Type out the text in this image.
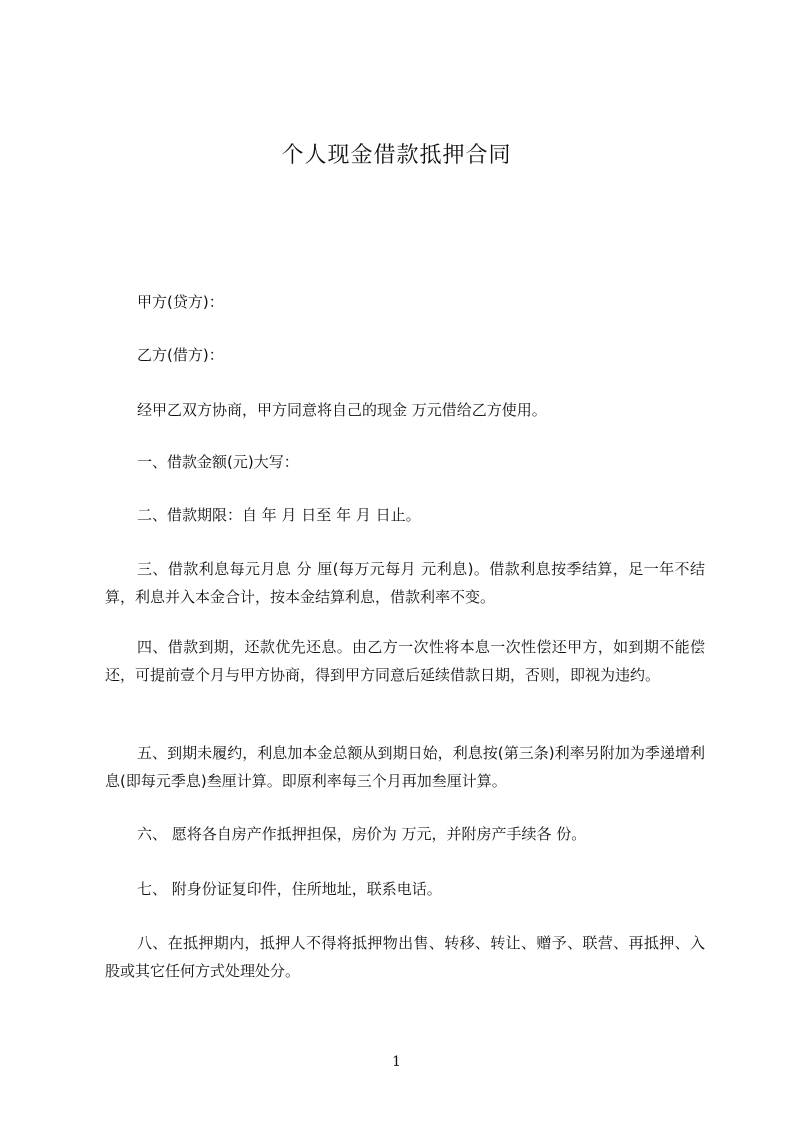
个人现金借款抵押合同
甲方(贷方)：
乙方(借方)：
经甲乙双方协商，甲方同意将自己的现金 万元借给乙方使用。
一、借款金额(元)大写：
二、借款期限：自 年 月 日至 年 月 日止。
三、借款利息每元月息 分 厘(每万元每月 元利息)。借款利息按季结算，足一年不结算，利息并入本金合计，按本金结算利息，借款利率不变。
四、借款到期，还款优先还息。由乙方一次性将本息一次性偿还甲方，如到期不能偿还，可提前壹个月与甲方协商，得到甲方同意后延续借款日期，否则，即视为违约。
五、到期未履约，利息加本金总额从到期日始，利息按(第三条)利率另附加为季递增利息(即每元季息)叁厘计算。即原利率每三个月再加叁厘计算。
六、 愿将各自房产作抵押担保，房价为 万元，并附房产手续各 份。
七、 附身份证复印件，住所地址，联系电话。
八、在抵押期内，抵押人不得将抵押物出售、转移、转让、赠予、联营、再抵押、入股或其它任何方式处理处分。
1
